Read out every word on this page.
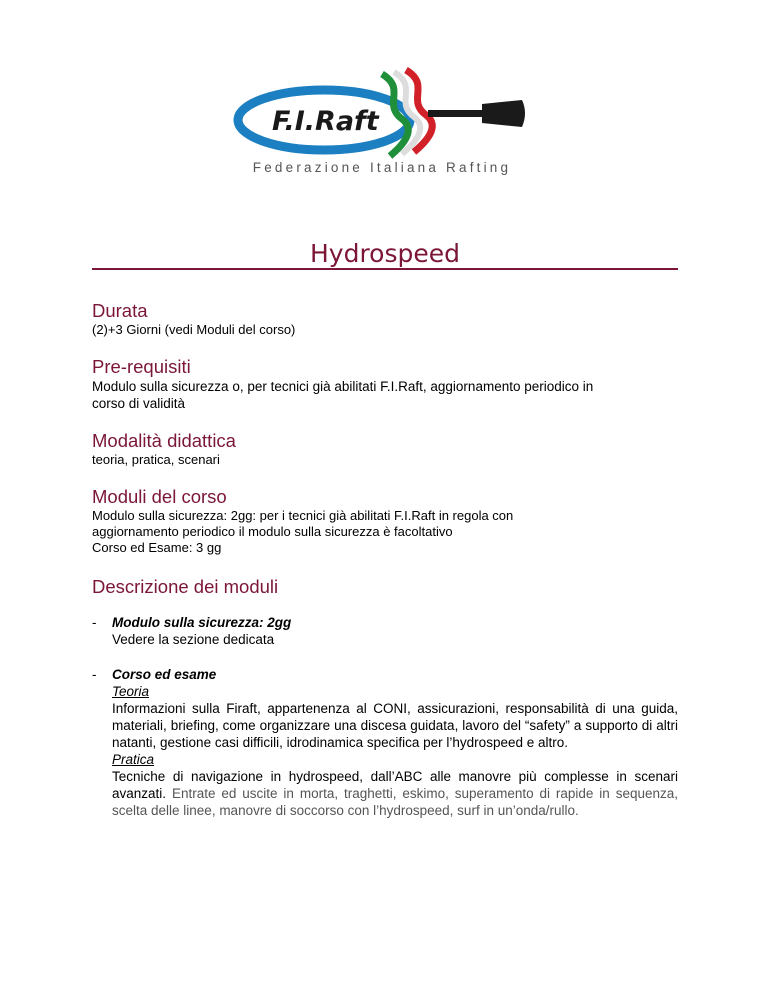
F.I.Raft
Federazione Italiana Rafting
Hydrospeed
Durata

(2)+3 Giorni (vedi Moduli del corso)

Pre-requisiti

Modulo sulla sicurezza o, per tecnici già abilitati F.I.Raft, aggiornamento periodico in

corso di validità

Modalità didattica

teoria, pratica, scenari

Moduli del corso

Modulo sulla sicurezza: 2gg: per i tecnici già abilitati F.I.Raft in regola con

aggiornamento periodico il modulo sulla sicurezza è facoltativo

Corso ed Esame: 3 gg

Descrizione dei moduli
- Modulo sulla sicurezza: 2gg
Vedere la sezione dedicata
- Corso ed esame
Teoria

Informazioni sulla Firaft, appartenenza al CONI, assicurazioni, responsabilità di una guida, materiali, briefing, come organizzare una discesa guidata, lavoro del “safety” a supporto di altri natanti, gestione casi difficili, idrodinamica specifica per l’hydrospeed e altro.

Pratica

Tecniche di navigazione in hydrospeed, dall’ABC alle manovre più complesse in scenari avanzati. Entrate ed uscite in morta, traghetti, eskimo, superamento di rapide in sequenza, scelta delle linee, manovre di soccorso con l’hydrospeed, surf in un’onda/rullo.
